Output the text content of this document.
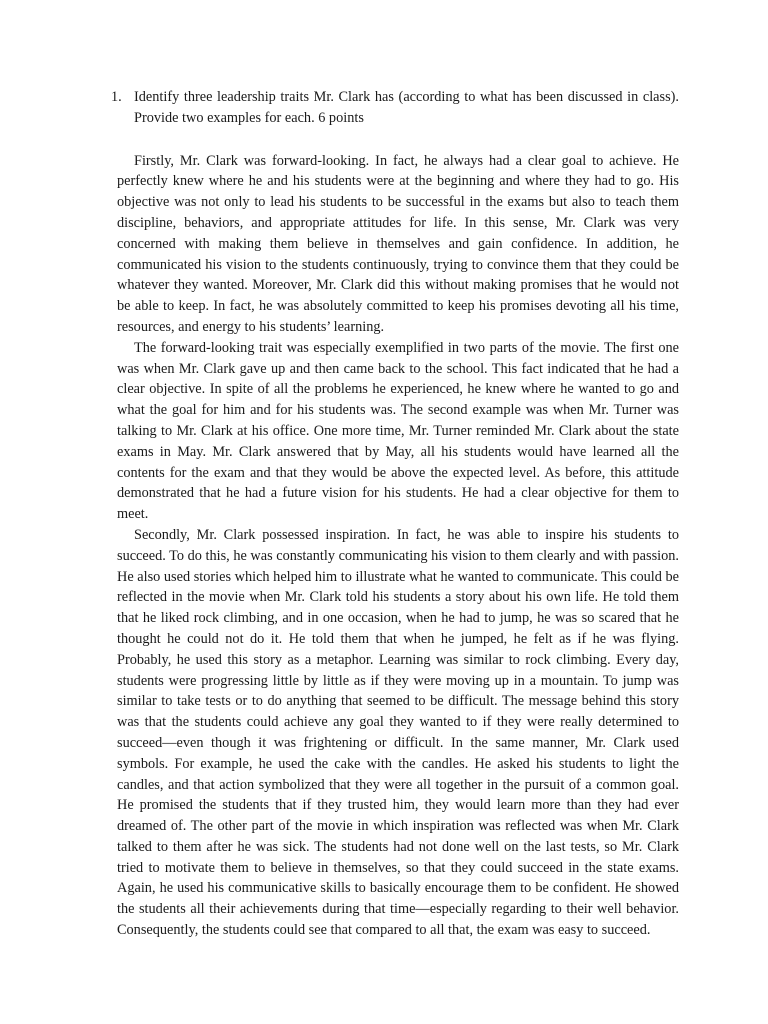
1. Identify three leadership traits Mr. Clark has (according to what has been discussed in class). Provide two examples for each. 6 points

Firstly, Mr. Clark was forward-looking. In fact, he always had a clear goal to achieve. He perfectly knew where he and his students were at the beginning and where they had to go. His objective was not only to lead his students to be successful in the exams but also to teach them discipline, behaviors, and appropriate attitudes for life. In this sense, Mr. Clark was very concerned with making them believe in themselves and gain confidence. In addition, he communicated his vision to the students continuously, trying to convince them that they could be whatever they wanted. Moreover, Mr. Clark did this without making promises that he would not be able to keep. In fact, he was absolutely committed to keep his promises devoting all his time, resources, and energy to his students’ learning.

The forward-looking trait was especially exemplified in two parts of the movie. The first one was when Mr. Clark gave up and then came back to the school. This fact indicated that he had a clear objective. In spite of all the problems he experienced, he knew where he wanted to go and what the goal for him and for his students was. The second example was when Mr. Turner was talking to Mr. Clark at his office. One more time, Mr. Turner reminded Mr. Clark about the state exams in May. Mr. Clark answered that by May, all his students would have learned all the contents for the exam and that they would be above the expected level. As before, this attitude demonstrated that he had a future vision for his students. He had a clear objective for them to meet.

Secondly, Mr. Clark possessed inspiration. In fact, he was able to inspire his students to succeed. To do this, he was constantly communicating his vision to them clearly and with passion. He also used stories which helped him to illustrate what he wanted to communicate. This could be reflected in the movie when Mr. Clark told his students a story about his own life. He told them that he liked rock climbing, and in one occasion, when he had to jump, he was so scared that he thought he could not do it. He told them that when he jumped, he felt as if he was flying. Probably, he used this story as a metaphor. Learning was similar to rock climbing. Every day, students were progressing little by little as if they were moving up in a mountain. To jump was similar to take tests or to do anything that seemed to be difficult. The message behind this story was that the students could achieve any goal they wanted to if they were really determined to succeed—even though it was frightening or difficult. In the same manner, Mr. Clark used symbols. For example, he used the cake with the candles. He asked his students to light the candles, and that action symbolized that they were all together in the pursuit of a common goal. He promised the students that if they trusted him, they would learn more than they had ever dreamed of. The other part of the movie in which inspiration was reflected was when Mr. Clark talked to them after he was sick. The students had not done well on the last tests, so Mr. Clark tried to motivate them to believe in themselves, so that they could succeed in the state exams. Again, he used his communicative skills to basically encourage them to be confident. He showed the students all their achievements during that time—especially regarding to their well behavior. Consequently, the students could see that compared to all that, the exam was easy to succeed.
